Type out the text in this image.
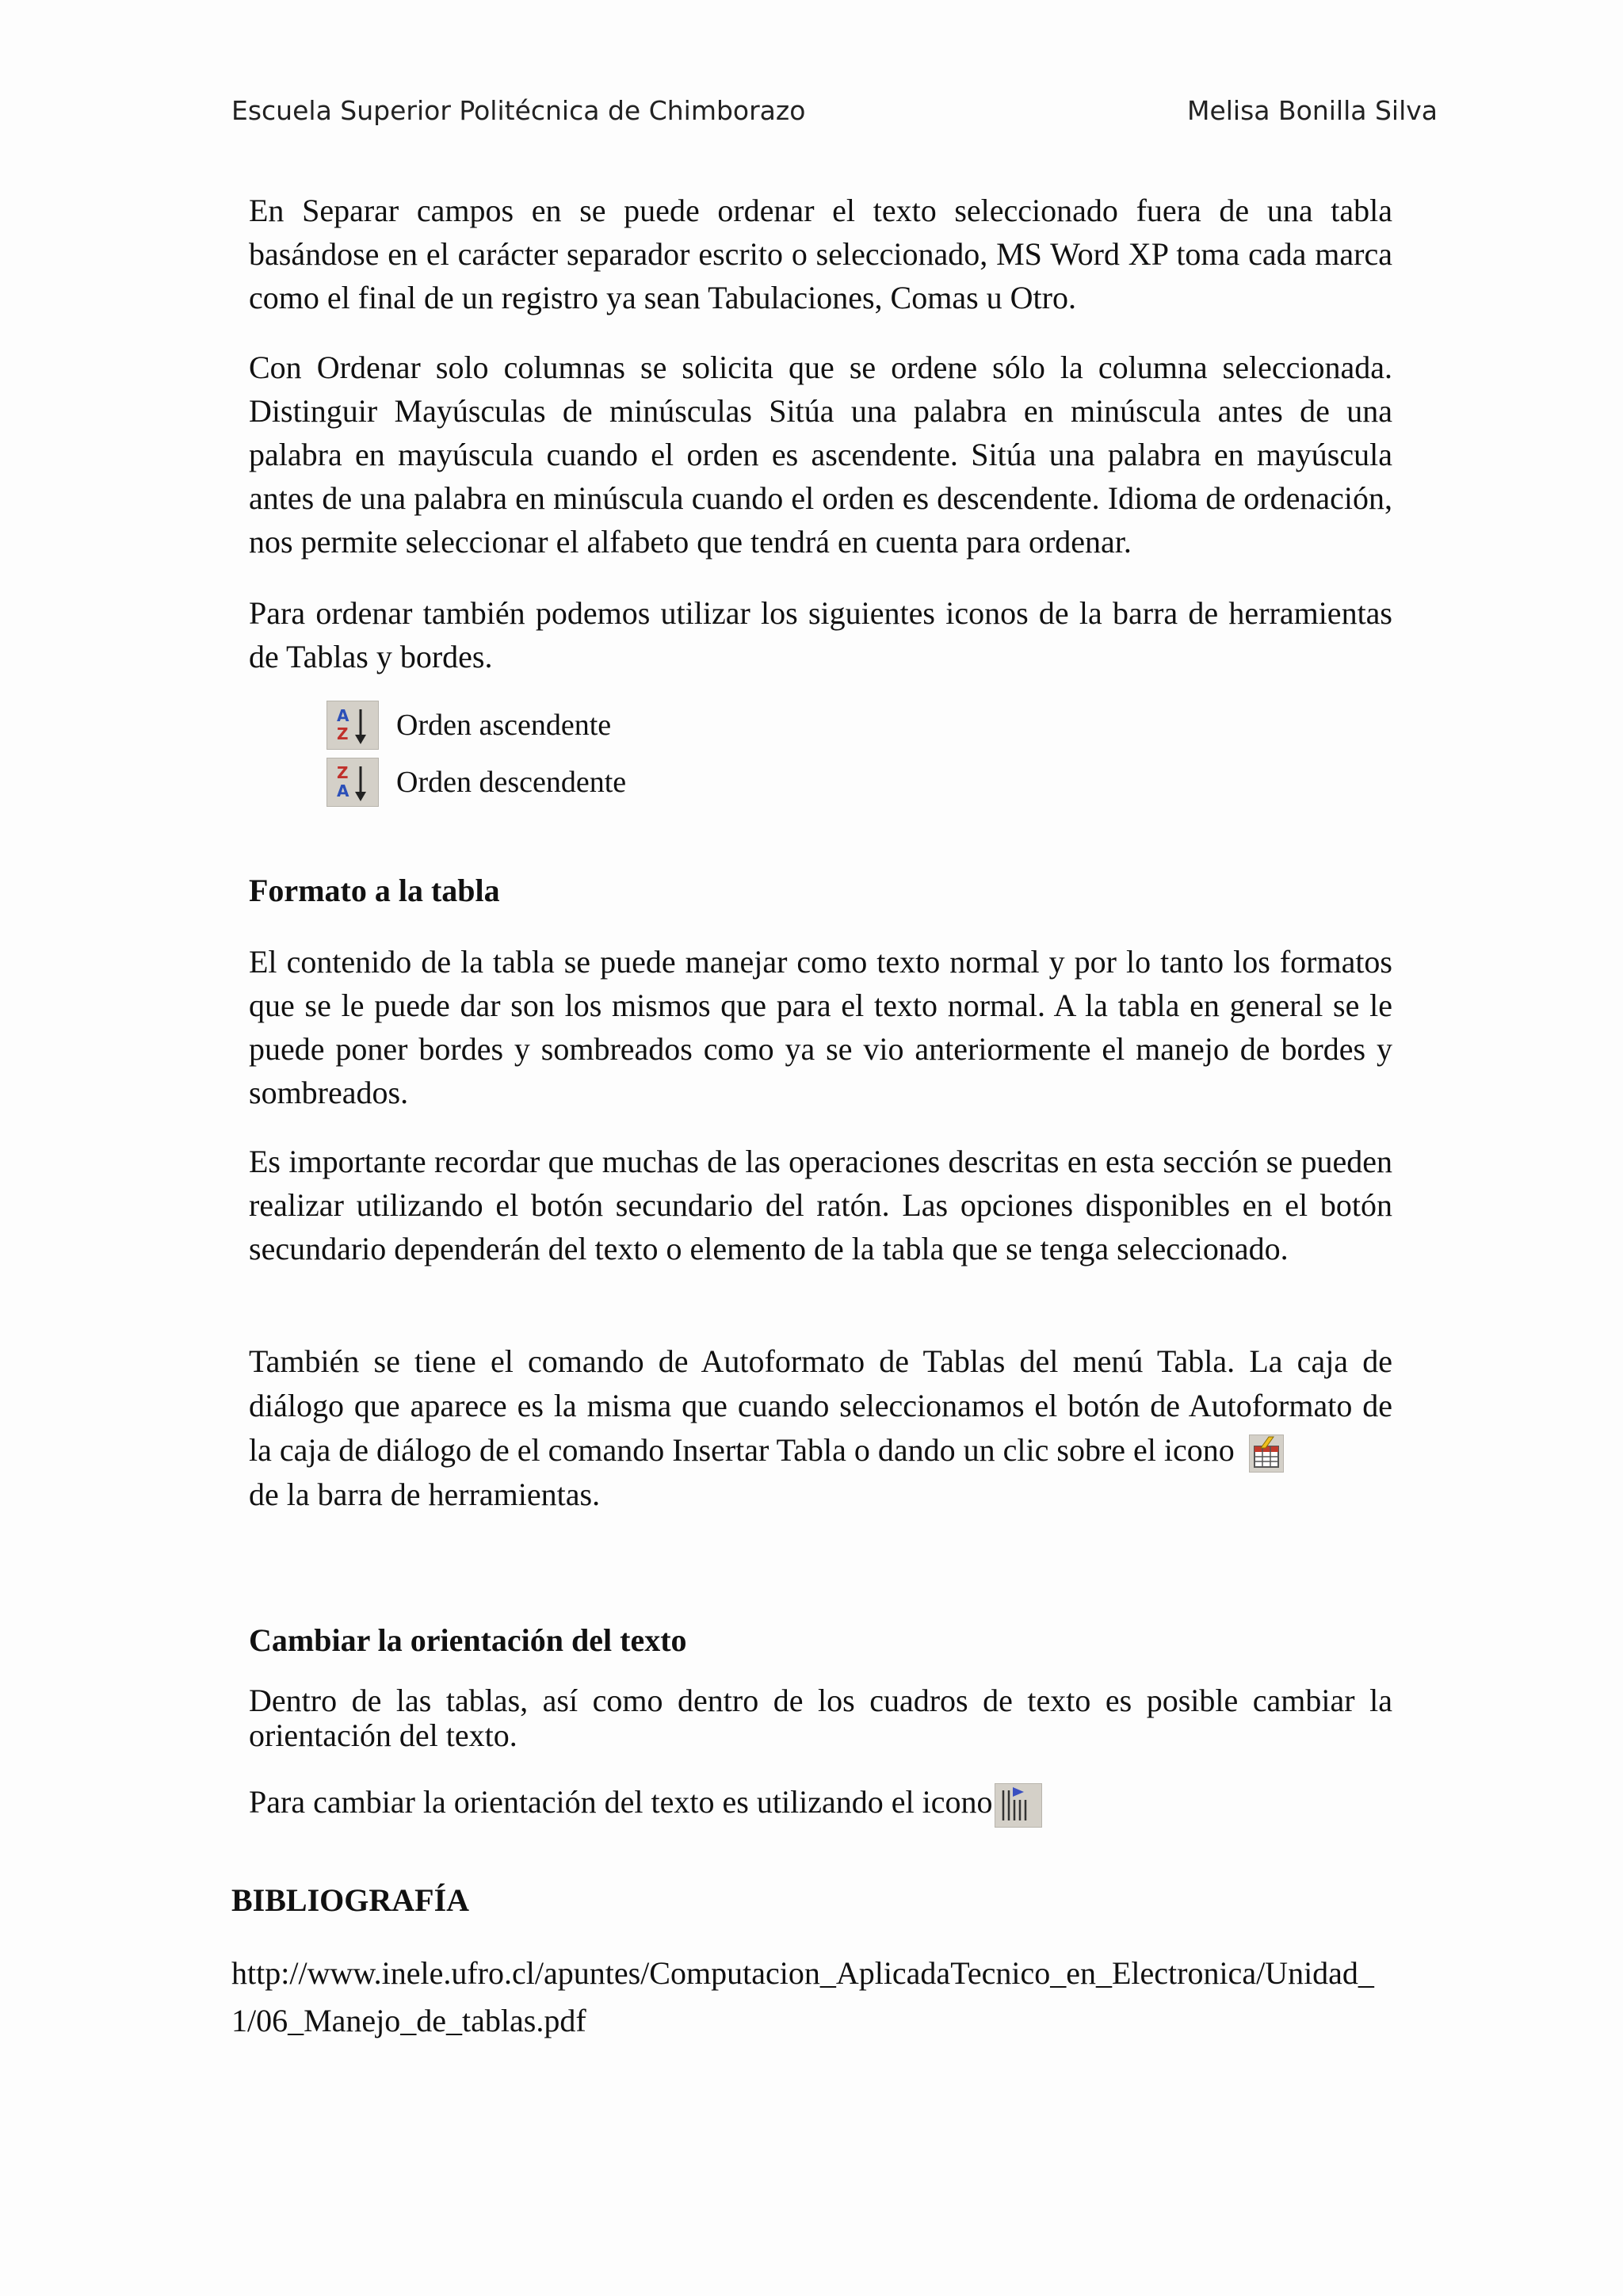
Escuela Superior Politécnica de Chimborazo	Melisa Bonilla Silva

En Separar campos en se puede ordenar el texto seleccionado fuera de una tabla basándose en el carácter separador escrito o seleccionado, MS Word XP toma cada marca como el final de un registro ya sean Tabulaciones, Comas u Otro.

Con Ordenar solo columnas se solicita que se ordene sólo la columna seleccionada. Distinguir Mayúsculas de minúsculas Sitúa una palabra en minúscula antes de una palabra en mayúscula cuando el orden es ascendente. Sitúa una palabra en mayúscula antes de una palabra en minúscula cuando el orden es descendente. Idioma de ordenación, nos permite seleccionar el alfabeto que tendrá en cuenta para ordenar.

Para ordenar también podemos utilizar los siguientes iconos de la barra de herramientas de Tablas y bordes.

A
Z Orden ascendente
Z
A Orden descendente
Formato a la tabla

El contenido de la tabla se puede manejar como texto normal y por lo tanto los formatos que se le puede dar son los mismos que para el texto normal. A la tabla en general se le puede poner bordes y sombreados como ya se vio anteriormente el manejo de bordes y sombreados.

Es importante recordar que muchas de las operaciones descritas en esta sección se pueden realizar utilizando el botón secundario del ratón. Las opciones disponibles en el botón secundario dependerán del texto o elemento de la tabla que se tenga seleccionado.

También se tiene el comando de Autoformato de Tablas del menú Tabla. La caja de diálogo que aparece es la misma que cuando seleccionamos el botón de Autoformato de la caja de diálogo de el comando Insertar Tabla o dando un clic sobre el icono
de la barra de herramientas.

Cambiar la orientación del texto

Dentro de las tablas, así como dentro de los cuadros de texto es posible cambiar la orientación del texto.

Para cambiar la orientación del texto es utilizando el icono

BIBLIOGRAFÍA

http://www.inele.ufro.cl/apuntes/Computacion_AplicadaTecnico_en_Electronica/Unidad_1/06_Manejo_de_tablas.pdf
